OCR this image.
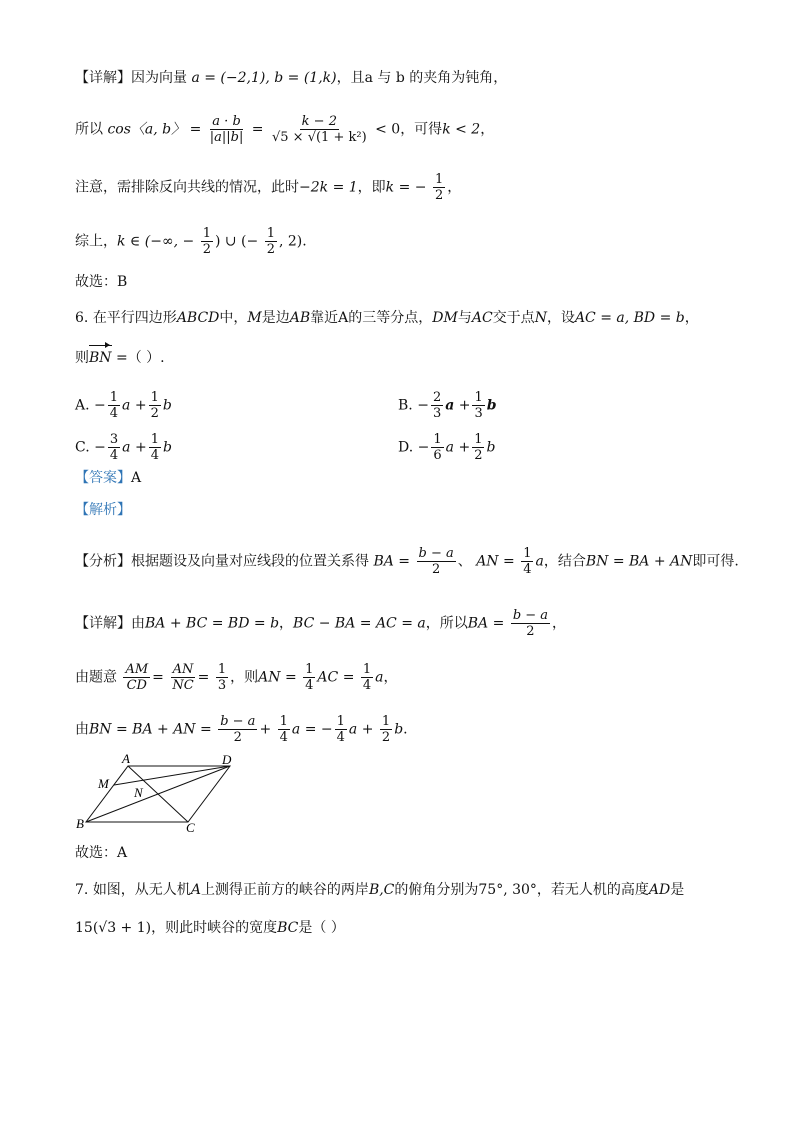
【详解】因为向量 a = (−2,1), b = (1,k)，且a 与 b 的夹角为钝角，
所以 cos〈a, b〉 = $\frac{a \cdot b}{|a||b|} = \frac{k - 2}{\text{√5 × √(1 + k²)}} < 0$，可得k < 2，
注意，需排除反向共线的情况，此时−2k = 1，即k = − $\frac{1}{2}$ ，
综上，k ∈ (−∞, − $\frac{1}{2}$ ) ∪ (− $\frac{1}{2}$ , 2).
故选：B
6. 在平行四边形ABCD中，M是边AB靠近A的三等分点，DM与AC交于点N，设AC = a, BD = b，
则BN =（ ）.
A. − $\frac{1}{4}$ $a + \frac{1}{2}$ b	B. − $\frac{2}{3}$ $a + \frac{1}{3}$ b
C. − $\frac{3}{4}$ $a + \frac{1}{4}$ b	D. − $\frac{1}{6}$ $a + \frac{1}{2}$ b
【答案】A
【解析】
【分析】根据题设及向量对应线段的位置关系得 BA = $\frac{b - a}{2}$ 、 AN = $\frac{1}{4}$ a，结合BN = BA + AN即可得.
【详解】由BA + BC = BD = b，BC − BA = AC = a，所以BA = $\frac{b - a}{2}$ ，
由题意 $\frac{AM}{CD} = \frac{AN}{NC} = \frac{1}{3}$ ，则AN = $\frac{1}{4}$ AC = $\frac{1}{4}$ a，
由BN = BA + AN = $\frac{b - a}{2} + \frac{1}{4}$ a = − $\frac{1}{4}$ $a + \frac{1}{2} b$.
A	D
B	C
M
N
故选：A
7. 如图，从无人机A上测得正前方的峡谷的两岸B,C的俯角分别为75°, 30°，若无人机的高度AD是
15(√3 + 1)，则此时峡谷的宽度BC是（ ）
